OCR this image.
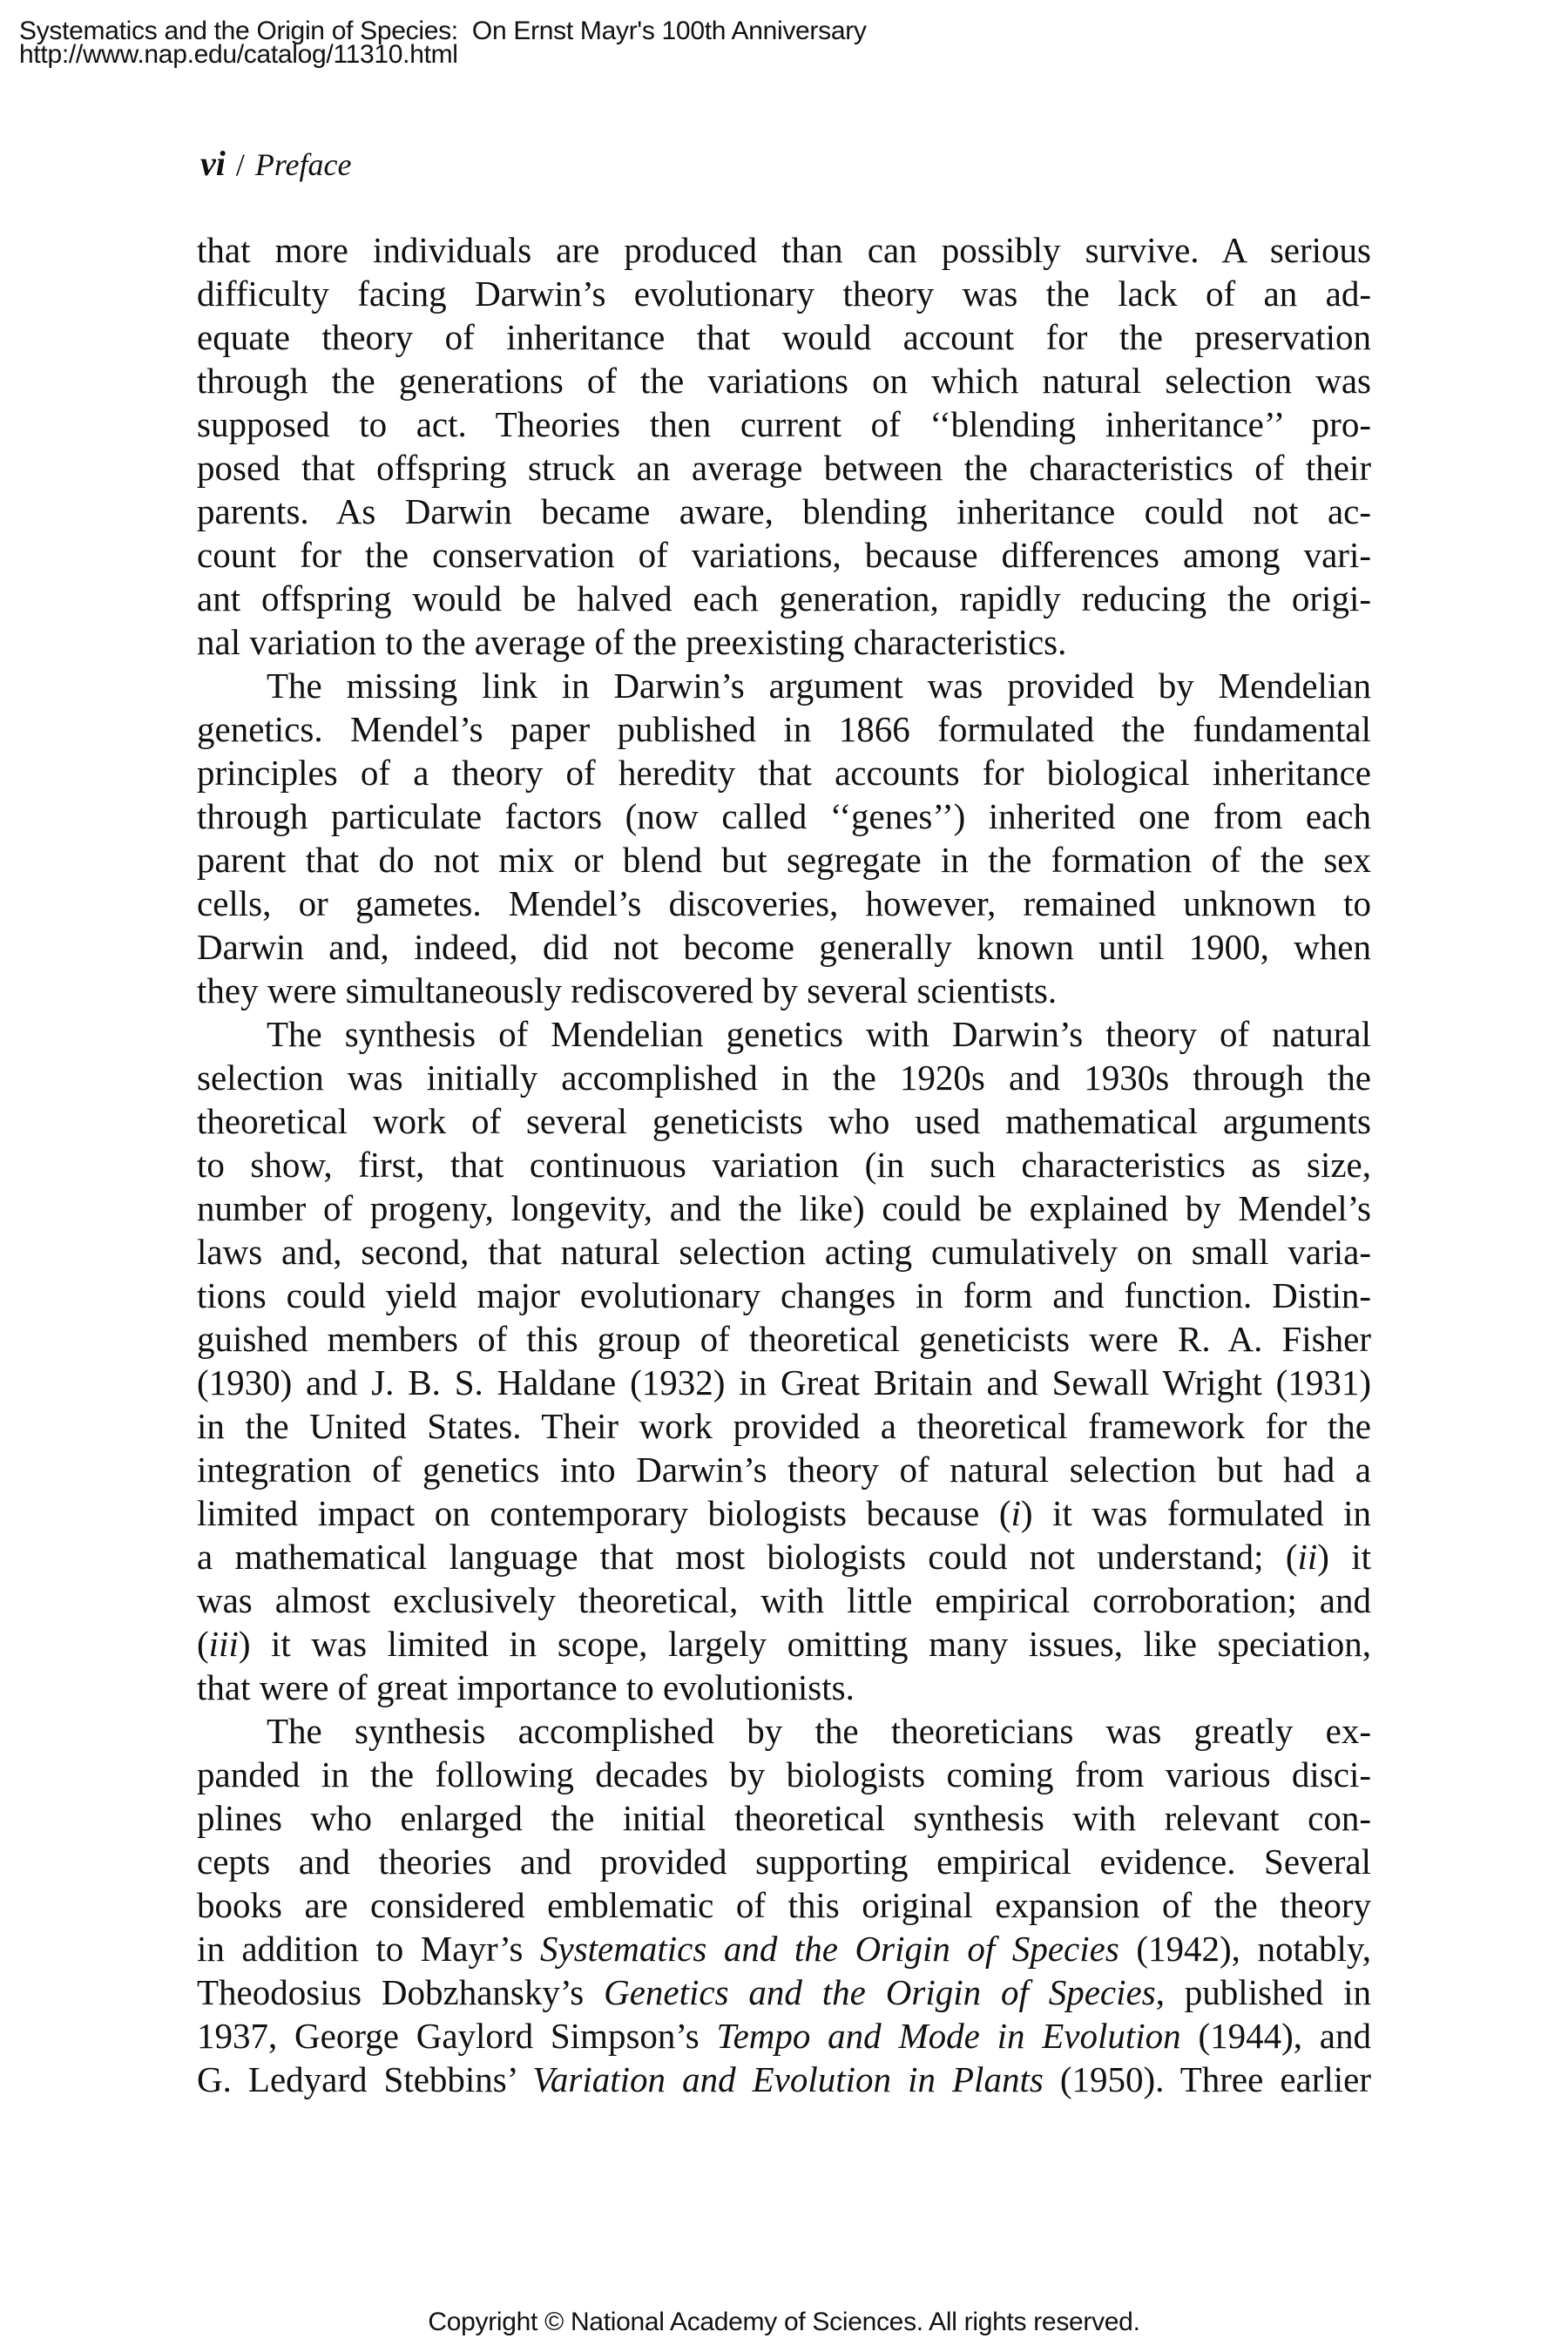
Systematics and the Origin of Species:  On Ernst Mayr's 100th Anniversary
http://www.nap.edu/catalog/11310.html
vi / Preface
that more individuals are produced than can possibly survive. A serious
difficulty facing Darwin’s evolutionary theory was the lack of an ad-
equate theory of inheritance that would account for the preservation
through the generations of the variations on which natural selection was
supposed to act. Theories then current of ‘‘blending inheritance’’ pro-
posed that offspring struck an average between the characteristics of their
parents. As Darwin became aware, blending inheritance could not ac-
count for the conservation of variations, because differences among vari-
ant offspring would be halved each generation, rapidly reducing the origi-
nal variation to the average of the preexisting characteristics.
The missing link in Darwin’s argument was provided by Mendelian
genetics. Mendel’s paper published in 1866 formulated the fundamental
principles of a theory of heredity that accounts for biological inheritance
through particulate factors (now called ‘‘genes’’) inherited one from each
parent that do not mix or blend but segregate in the formation of the sex
cells, or gametes. Mendel’s discoveries, however, remained unknown to
Darwin and, indeed, did not become generally known until 1900, when
they were simultaneously rediscovered by several scientists.
The synthesis of Mendelian genetics with Darwin’s theory of natural
selection was initially accomplished in the 1920s and 1930s through the
theoretical work of several geneticists who used mathematical arguments
to show, first, that continuous variation (in such characteristics as size,
number of progeny, longevity, and the like) could be explained by Mendel’s
laws and, second, that natural selection acting cumulatively on small varia-
tions could yield major evolutionary changes in form and function. Distin-
guished members of this group of theoretical geneticists were R. A. Fisher
(1930) and J. B. S. Haldane (1932) in Great Britain and Sewall Wright (1931)
in the United States. Their work provided a theoretical framework for the
integration of genetics into Darwin’s theory of natural selection but had a
limited impact on contemporary biologists because (i) it was formulated in
a mathematical language that most biologists could not understand; (ii) it
was almost exclusively theoretical, with little empirical corroboration; and
(iii) it was limited in scope, largely omitting many issues, like speciation,
that were of great importance to evolutionists.
The synthesis accomplished by the theoreticians was greatly ex-
panded in the following decades by biologists coming from various disci-
plines who enlarged the initial theoretical synthesis with relevant con-
cepts and theories and provided supporting empirical evidence. Several
books are considered emblematic of this original expansion of the theory
in addition to Mayr’s Systematics and the Origin of Species (1942), notably,
Theodosius Dobzhansky’s Genetics and the Origin of Species, published in
1937, George Gaylord Simpson’s Tempo and Mode in Evolution (1944), and
G. Ledyard Stebbins’ Variation and Evolution in Plants (1950). Three earlier
Copyright © National Academy of Sciences. All rights reserved.
